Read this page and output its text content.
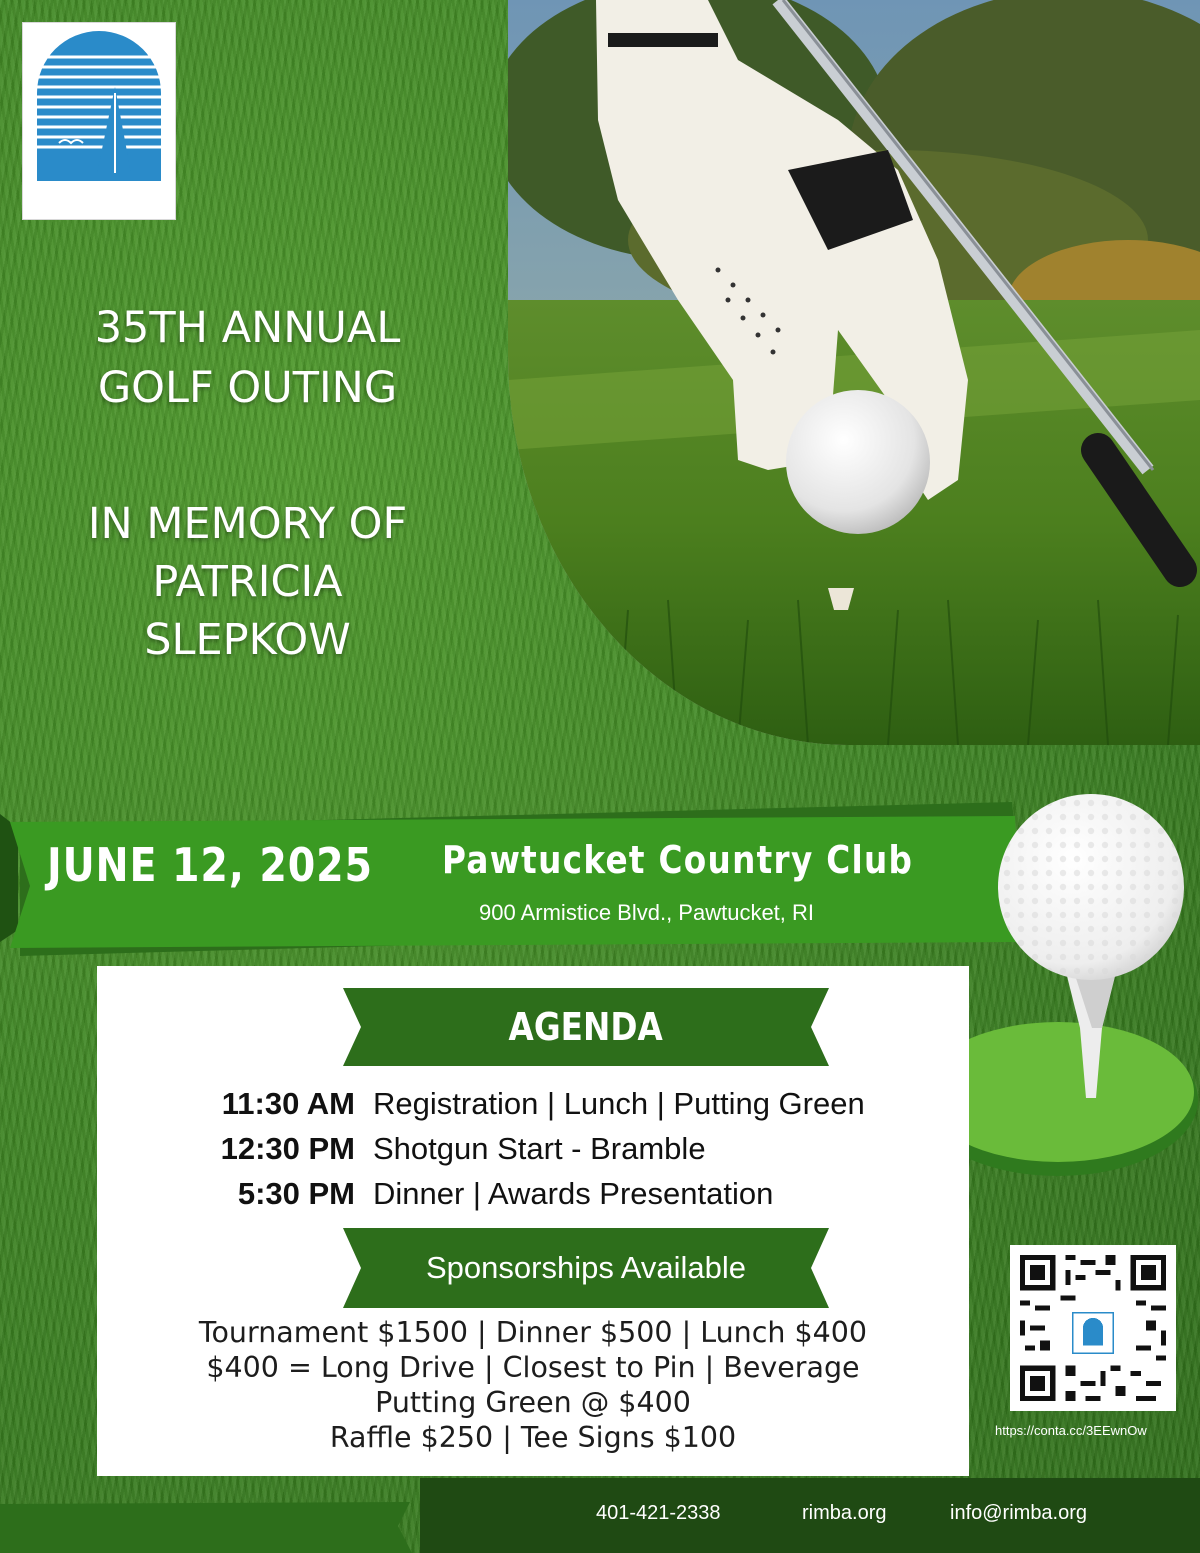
RIMBA
35TH ANNUAL
GOLF OUTING
IN MEMORY OF
PATRICIA
SLEPKOW
JUNE 12, 2025 Pawtucket Country Club
900 Armistice Blvd., Pawtucket, RI
AGENDA
11:30 AM Registration | Lunch | Putting Green
12:30 PM Shotgun Start - Bramble
5:30 PM Dinner | Awards Presentation
Sponsorships Available
Tournament $1500 | Dinner $500 | Lunch $400
$400 = Long Drive | Closest to Pin | Beverage
Putting Green @ $400
Raffle $250 | Tee Signs $100	https://conta.cc/3EEwnOw
401-421-2338	rimba.org	info@rimba.org
